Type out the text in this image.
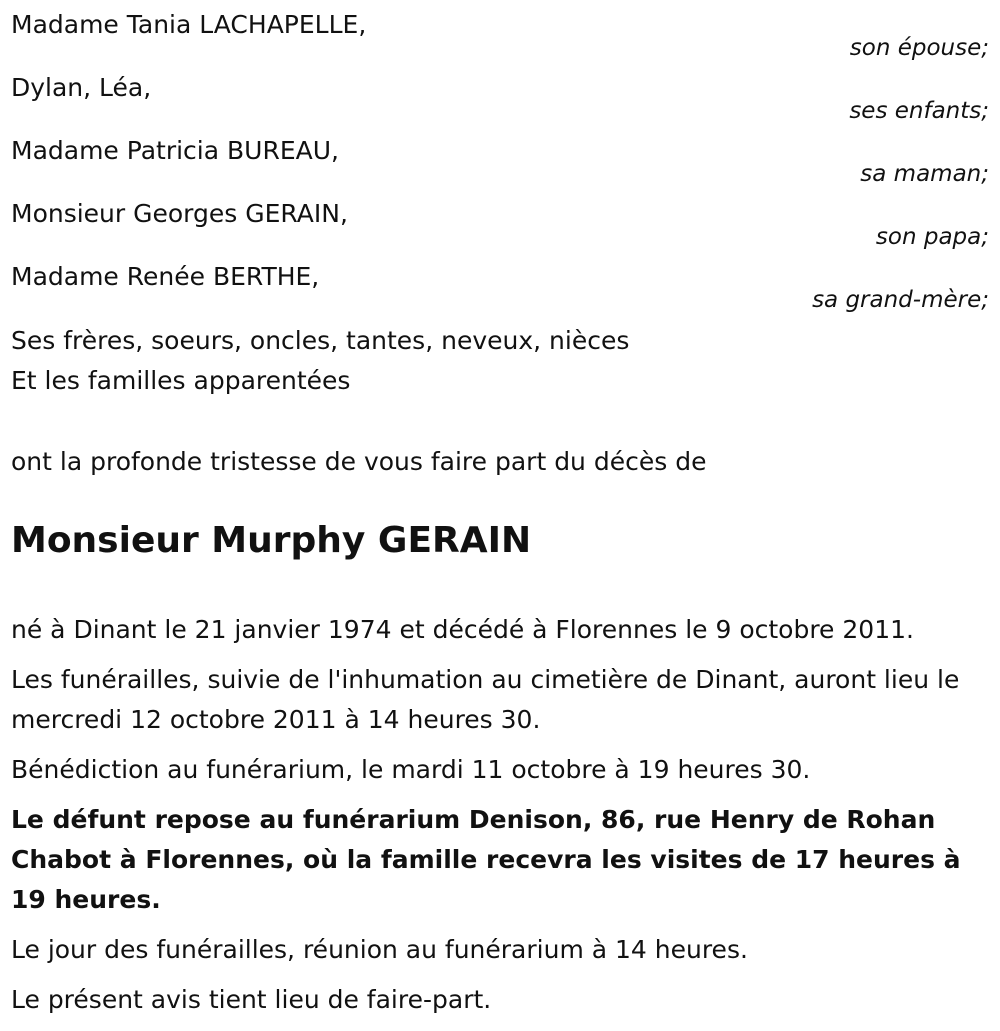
Madame Tania LACHAPELLE,
son épouse;
Dylan, Léa,
ses enfants;
Madame Patricia BUREAU,
sa maman;
Monsieur Georges GERAIN,
son papa;
Madame Renée BERTHE,
sa grand-mère;
Ses frères, soeurs, oncles, tantes, neveux, nièces
Et les familles apparentées
ont la profonde tristesse de vous faire part du décès de
Monsieur Murphy GERAIN

né à Dinant le 21 janvier 1974 et décédé à Florennes le 9 octobre 2011.

Les funérailles, suivie de l'inhumation au cimetière de Dinant, auront lieu le mercredi 12 octobre 2011 à 14 heures 30.

Bénédiction au funérarium, le mardi 11 octobre à 19 heures 30.

Le défunt repose au funérarium Denison, 86, rue Henry de Rohan Chabot à Florennes, où la famille recevra les visites de 17 heures à 19 heures.

Le jour des funérailles, réunion au funérarium à 14 heures.

Le présent avis tient lieu de faire-part.
